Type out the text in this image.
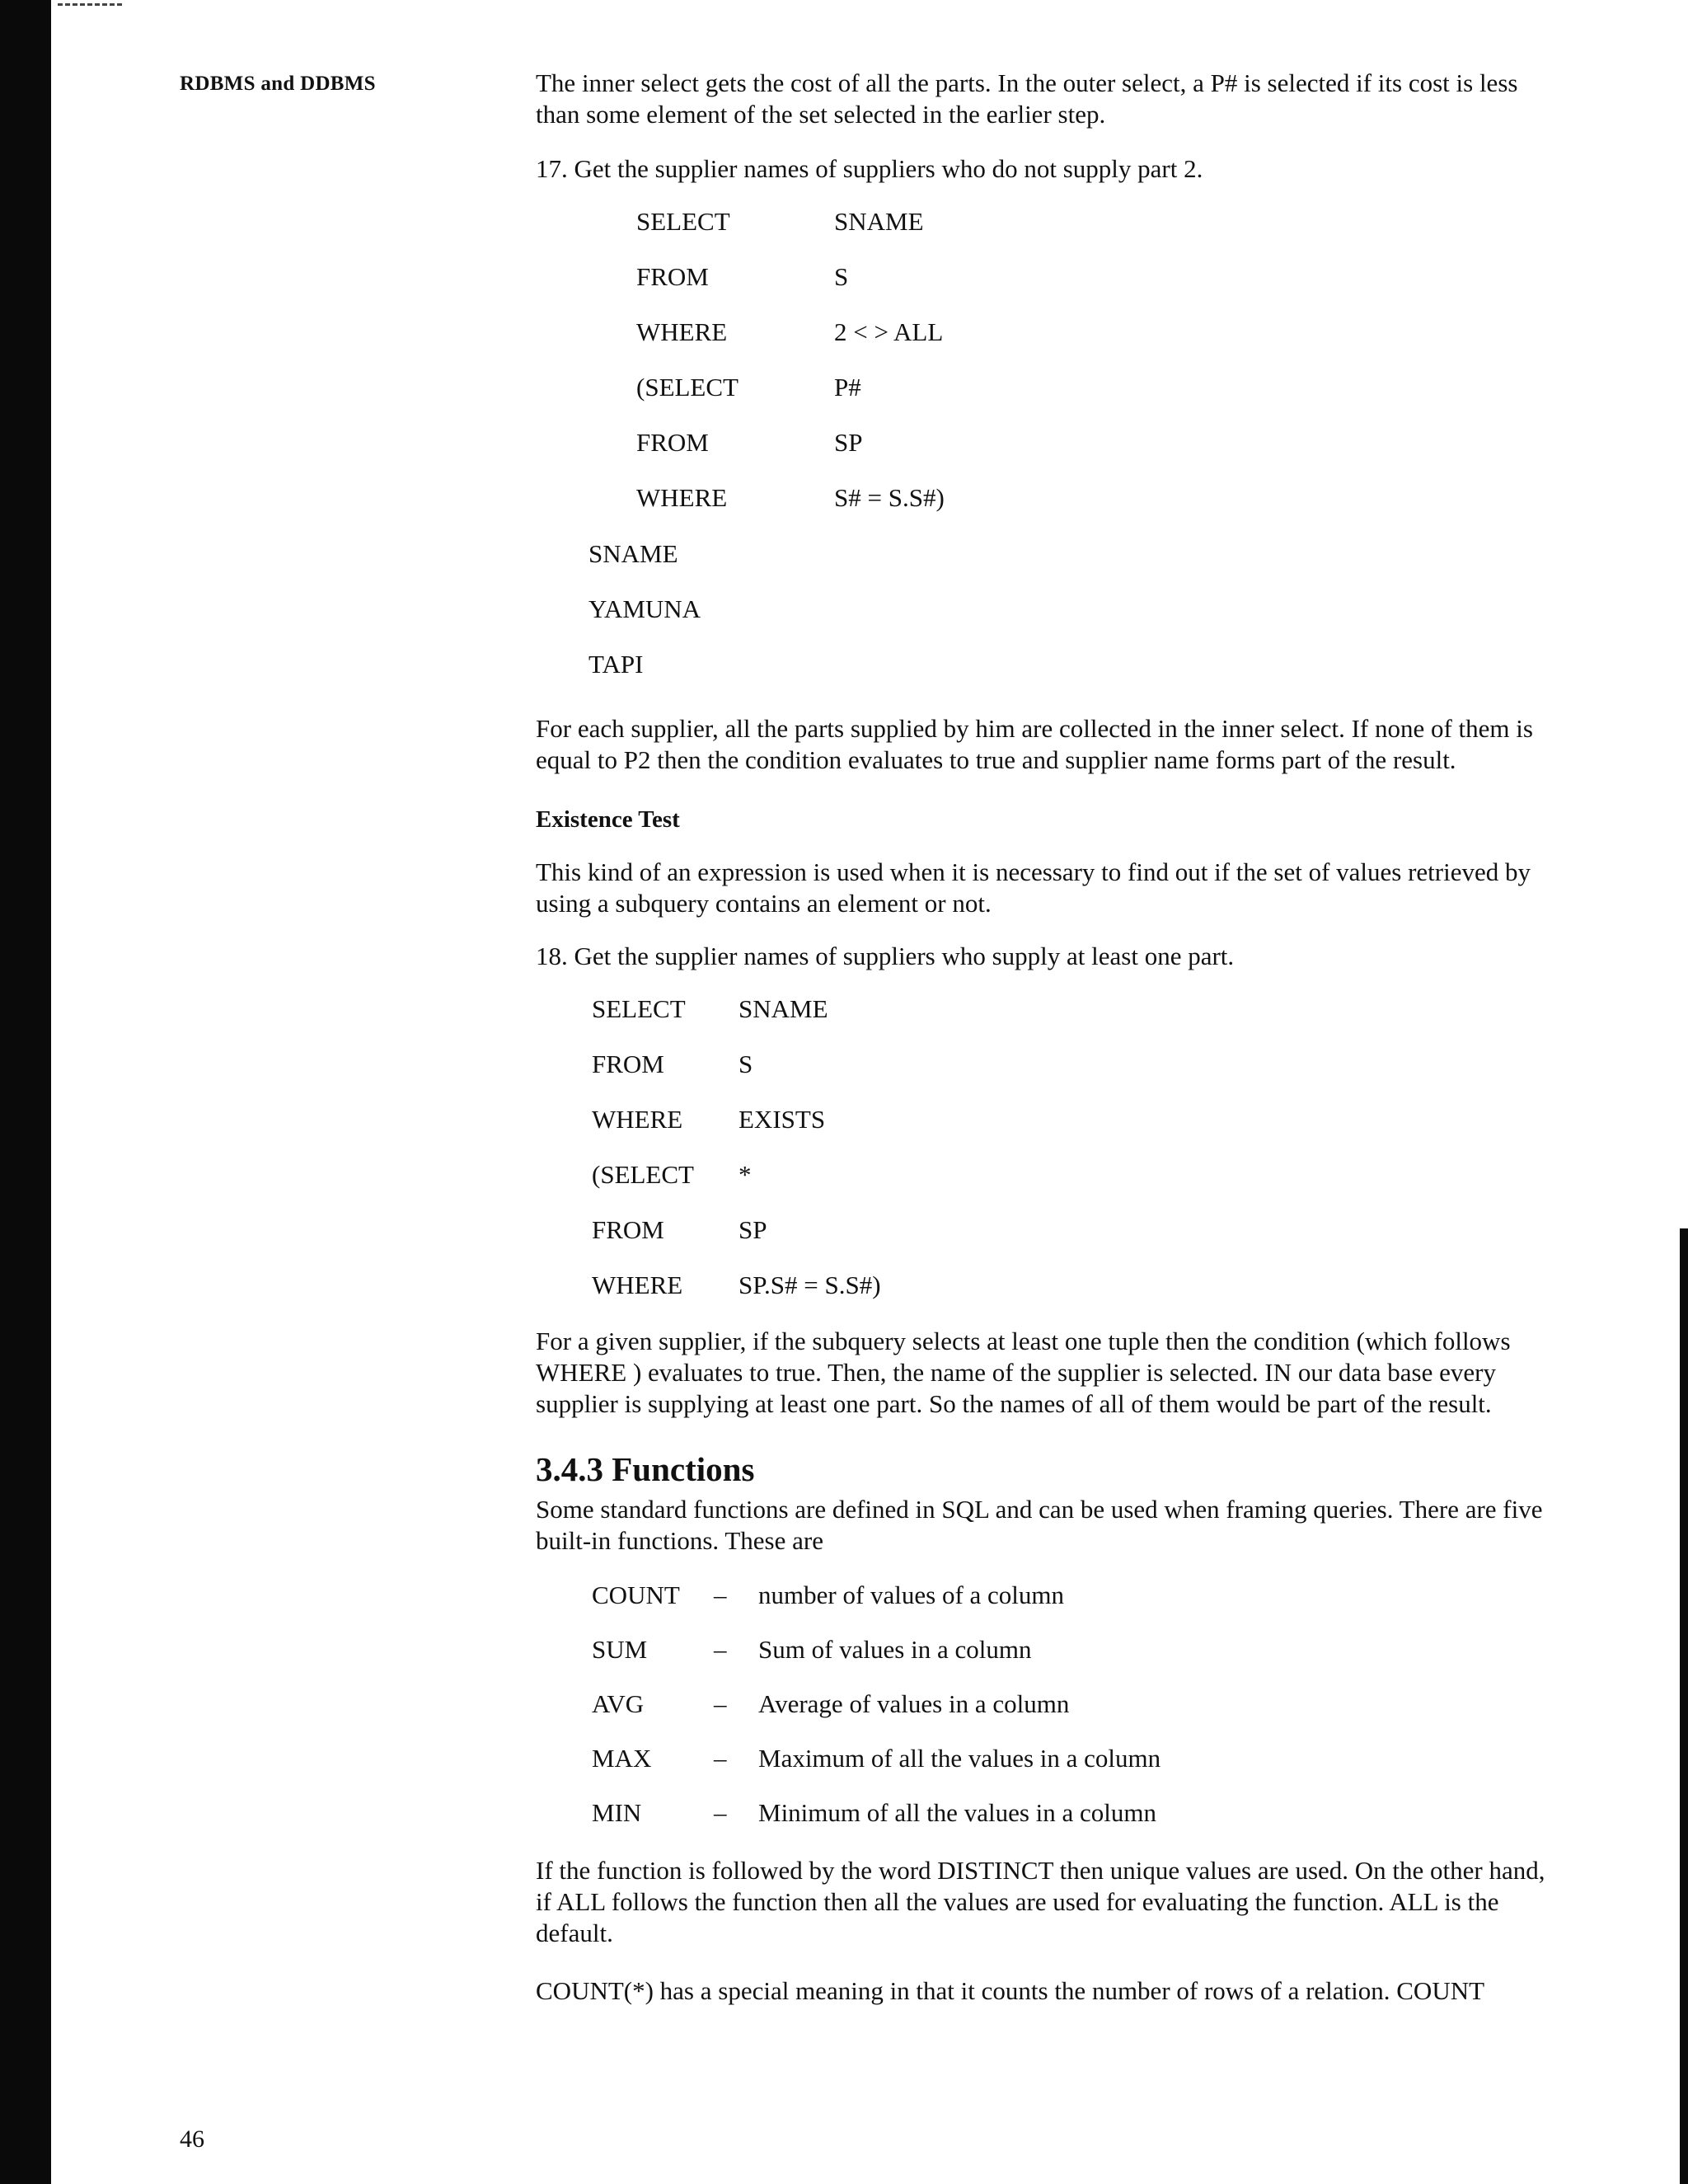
RDBMS and DDBMS	The inner select gets the cost of all the parts. In the outer select, a P# is selected if its cost is less than some element of the set selected in the earlier step.

17. Get the supplier names of suppliers who do not supply part 2.

SELECT	SNAME
FROM	S
WHERE	2 < > ALL
(SELECT	P#
FROM	SP
WHERE	S# = S.S#)
SNAME
YAMUNA
TAPI

For each supplier, all the parts supplied by him are collected in the inner select. If none of them is equal to P2 then the condition evaluates to true and supplier name forms part of the result.

Existence Test

This kind of an expression is used when it is necessary to find out if the set of values retrieved by using a subquery contains an element or not.

18. Get the supplier names of suppliers who supply at least one part.

SELECT	SNAME
FROM	S
WHERE	EXISTS
(SELECT	*
FROM	SP
WHERE	SP.S# = S.S#)

For a given supplier, if the subquery selects at least one tuple then the condition (which follows WHERE ) evaluates to true. Then, the name of the supplier is selected. IN our data base every supplier is supplying at least one part. So the names of all of them would be part of the result.

3.4.3 Functions

Some standard functions are defined in SQL and can be used when framing queries. There are five built-in functions. These are

COUNT	–	number of values of a column
SUM	–	Sum of values in a column
AVG	–	Average of values in a column
MAX	–	Maximum of all the values in a column
MIN	–	Minimum of all the values in a column

If the function is followed by the word DISTINCT then unique values are used. On the other hand, if ALL follows the function then all the values are used for evaluating the function. ALL is the default.

COUNT(*) has a special meaning in that it counts the number of rows of a relation. COUNT

46
